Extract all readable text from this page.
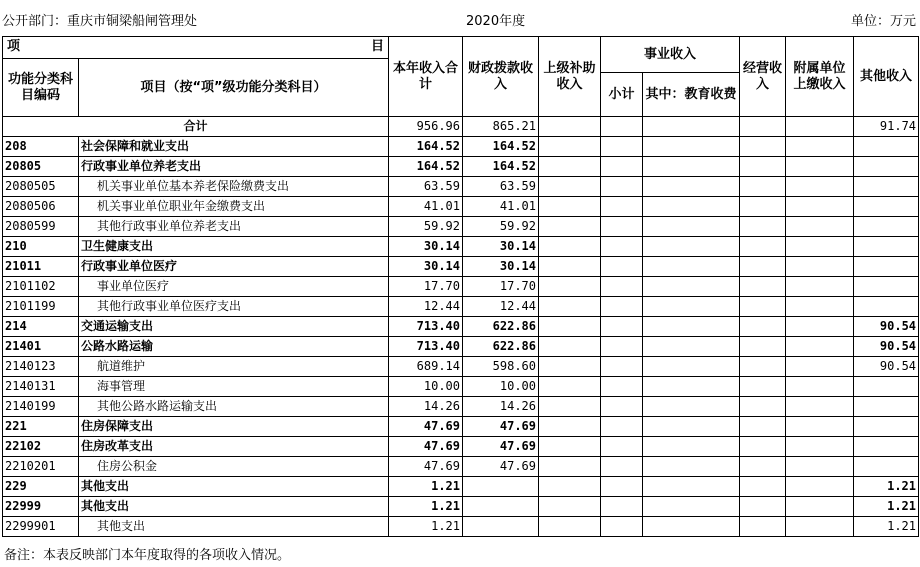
公开部门：重庆市铜梁船闸管理处	2020年度	单位：万元
项 目		本年收入合计	财政拨款收入	上级补助收入	事业收入		经营收入	附属单位上缴收入	其他收入
功能分类科目编码	项目（按“项”级功能分类科目）								
					小计	其中：教育收费			
合计		956.96	865.21						91.74
208	社会保障和就业支出	164.52	164.52						
20805	行政事业单位养老支出	164.52	164.52						
2080505	机关事业单位基本养老保险缴费支出	63.59	63.59						
2080506	机关事业单位职业年金缴费支出	41.01	41.01						
2080599	其他行政事业单位养老支出	59.92	59.92						
210	卫生健康支出	30.14	30.14						
21011	行政事业单位医疗	30.14	30.14						
2101102	事业单位医疗	17.70	17.70						
2101199	其他行政事业单位医疗支出	12.44	12.44						
214	交通运输支出	713.40	622.86						90.54
21401	公路水路运输	713.40	622.86						90.54
2140123	航道维护	689.14	598.60						90.54
2140131	海事管理	10.00	10.00						
2140199	其他公路水路运输支出	14.26	14.26						
221	住房保障支出	47.69	47.69						
22102	住房改革支出	47.69	47.69						
2210201	住房公积金	47.69	47.69						
229	其他支出	1.21							1.21
22999	其他支出	1.21							1.21
2299901	其他支出	1.21							1.21
备注：本表反映部门本年度取得的各项收入情况。
